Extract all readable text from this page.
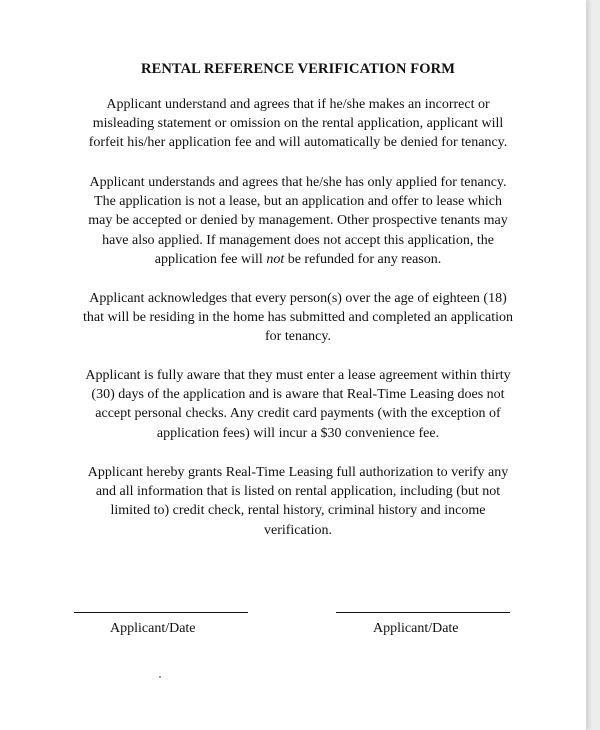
RENTAL REFERENCE VERIFICATION FORM

Applicant understand and agrees that if he/she makes an incorrect or
misleading statement or omission on the rental application, applicant will
forfeit his/her application fee and will automatically be denied for tenancy.

Applicant understands and agrees that he/she has only applied for tenancy.
The application is not a lease, but an application and offer to lease which
may be accepted or denied by management. Other prospective tenants may
have also applied. If management does not accept this application, the
application fee will not be refunded for any reason.

Applicant acknowledges that every person(s) over the age of eighteen (18)
that will be residing in the home has submitted and completed an application
for tenancy.

Applicant is fully aware that they must enter a lease agreement within thirty
(30) days of the application and is aware that Real-Time Leasing does not
accept personal checks. Any credit card payments (with the exception of
application fees) will incur a $30 convenience fee.

Applicant hereby grants Real-Time Leasing full authorization to verify any
and all information that is listed on rental application, including (but not
limited to) credit check, rental history, criminal history and income
verification.

Applicant/Date	Applicant/Date
